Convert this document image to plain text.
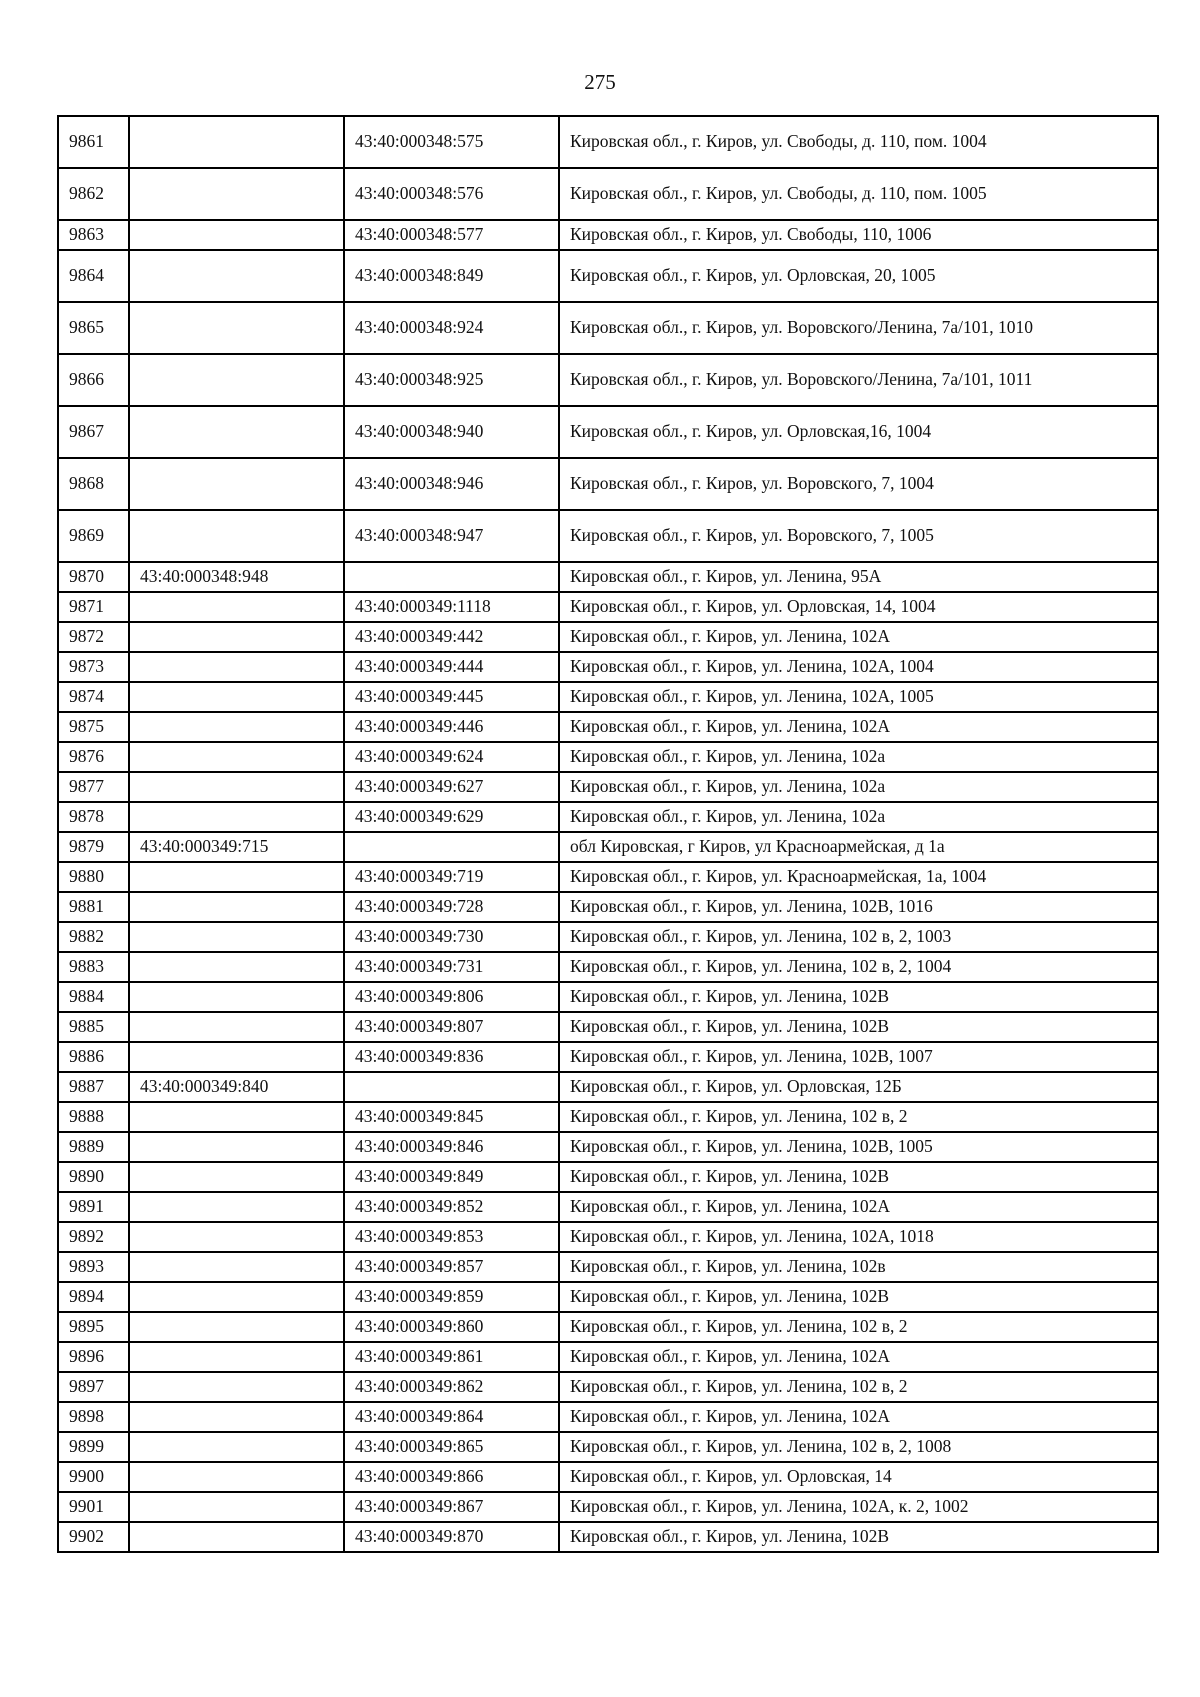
275
9861		43:40:000348:575	Кировская обл., г. Киров, ул. Свободы, д. 110, пом. 1004
9862		43:40:000348:576	Кировская обл., г. Киров, ул. Свободы, д. 110, пом. 1005
9863		43:40:000348:577	Кировская обл., г. Киров, ул. Свободы, 110, 1006
9864		43:40:000348:849	Кировская обл., г. Киров, ул. Орловская, 20, 1005
9865		43:40:000348:924	Кировская обл., г. Киров, ул. Воровского/Ленина, 7а/101, 1010
9866		43:40:000348:925	Кировская обл., г. Киров, ул. Воровского/Ленина, 7а/101, 1011
9867		43:40:000348:940	Кировская обл., г. Киров, ул. Орловская,16, 1004
9868		43:40:000348:946	Кировская обл., г. Киров, ул. Воровского, 7, 1004
9869		43:40:000348:947	Кировская обл., г. Киров, ул. Воровского, 7, 1005
9870	43:40:000348:948		Кировская обл., г. Киров, ул. Ленина, 95А
9871		43:40:000349:1118	Кировская обл., г. Киров, ул. Орловская, 14, 1004
9872		43:40:000349:442	Кировская обл., г. Киров, ул. Ленина, 102А
9873		43:40:000349:444	Кировская обл., г. Киров, ул. Ленина, 102А, 1004
9874		43:40:000349:445	Кировская обл., г. Киров, ул. Ленина, 102А, 1005
9875		43:40:000349:446	Кировская обл., г. Киров, ул. Ленина, 102А
9876		43:40:000349:624	Кировская обл., г. Киров, ул. Ленина, 102а
9877		43:40:000349:627	Кировская обл., г. Киров, ул. Ленина, 102а
9878		43:40:000349:629	Кировская обл., г. Киров, ул. Ленина, 102а
9879	43:40:000349:715		обл Кировская, г Киров, ул Красноармейская, д 1а
9880		43:40:000349:719	Кировская обл., г. Киров, ул. Красноармейская, 1а, 1004
9881		43:40:000349:728	Кировская обл., г. Киров, ул. Ленина, 102В, 1016
9882		43:40:000349:730	Кировская обл., г. Киров, ул. Ленина, 102 в, 2, 1003
9883		43:40:000349:731	Кировская обл., г. Киров, ул. Ленина, 102 в, 2, 1004
9884		43:40:000349:806	Кировская обл., г. Киров, ул. Ленина, 102В
9885		43:40:000349:807	Кировская обл., г. Киров, ул. Ленина, 102В
9886		43:40:000349:836	Кировская обл., г. Киров, ул. Ленина, 102В, 1007
9887	43:40:000349:840		Кировская обл., г. Киров, ул. Орловская, 12Б
9888		43:40:000349:845	Кировская обл., г. Киров, ул. Ленина, 102 в, 2
9889		43:40:000349:846	Кировская обл., г. Киров, ул. Ленина, 102В, 1005
9890		43:40:000349:849	Кировская обл., г. Киров, ул. Ленина, 102В
9891		43:40:000349:852	Кировская обл., г. Киров, ул. Ленина, 102А
9892		43:40:000349:853	Кировская обл., г. Киров, ул. Ленина, 102А, 1018
9893		43:40:000349:857	Кировская обл., г. Киров, ул. Ленина, 102в
9894		43:40:000349:859	Кировская обл., г. Киров, ул. Ленина, 102В
9895		43:40:000349:860	Кировская обл., г. Киров, ул. Ленина, 102 в, 2
9896		43:40:000349:861	Кировская обл., г. Киров, ул. Ленина, 102А
9897		43:40:000349:862	Кировская обл., г. Киров, ул. Ленина, 102 в, 2
9898		43:40:000349:864	Кировская обл., г. Киров, ул. Ленина, 102А
9899		43:40:000349:865	Кировская обл., г. Киров, ул. Ленина, 102 в, 2, 1008
9900		43:40:000349:866	Кировская обл., г. Киров, ул. Орловская, 14
9901		43:40:000349:867	Кировская обл., г. Киров, ул. Ленина, 102А, к. 2, 1002
9902		43:40:000349:870	Кировская обл., г. Киров, ул. Ленина, 102В
